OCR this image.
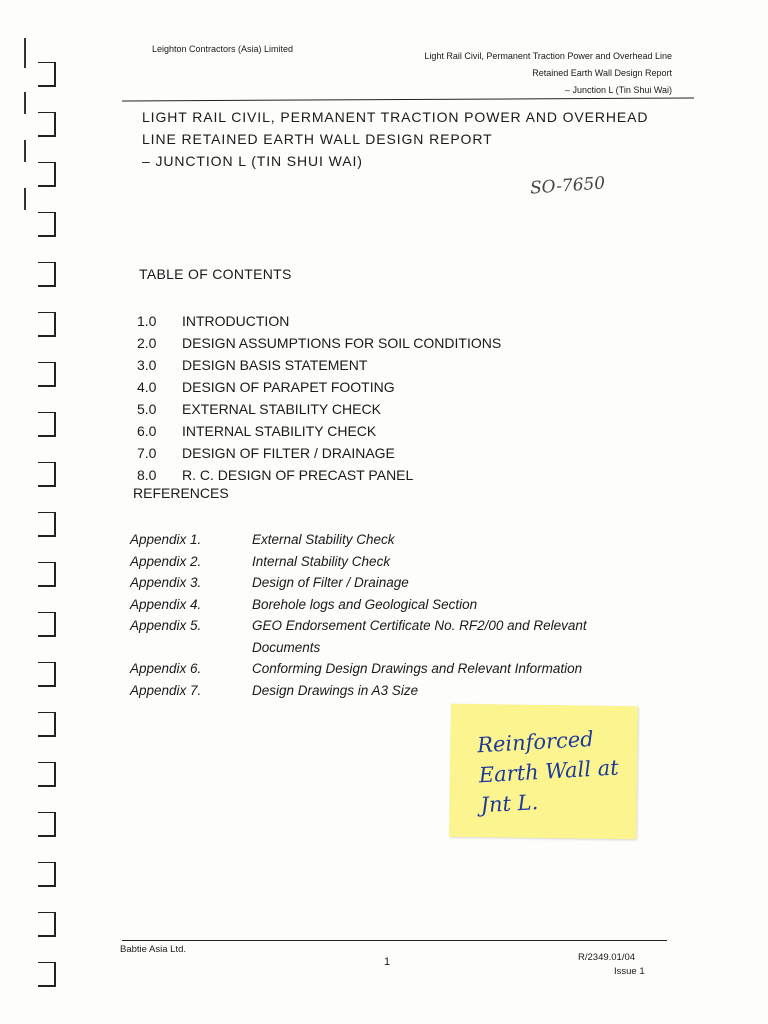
Leighton Contractors (Asia) Limited
Light Rail Civil, Permanent Traction Power and Overhead Line
Retained Earth Wall Design Report
– Junction L (Tin Shui Wai)
LIGHT RAIL CIVIL, PERMANENT TRACTION POWER AND OVERHEAD
LINE RETAINED EARTH WALL DESIGN REPORT
– JUNCTION L (TIN SHUI WAI)
SO-7650
TABLE OF CONTENTS
1.0	INTRODUCTION
2.0	DESIGN ASSUMPTIONS FOR SOIL CONDITIONS
3.0	DESIGN BASIS STATEMENT
4.0	DESIGN OF PARAPET FOOTING
5.0	EXTERNAL STABILITY CHECK
6.0	INTERNAL STABILITY CHECK
7.0	DESIGN OF FILTER / DRAINAGE
8.0	R. C. DESIGN OF PRECAST PANEL
REFERENCES
Appendix 1.	External Stability Check
Appendix 2.	Internal Stability Check
Appendix 3.	Design of Filter / Drainage
Appendix 4.	Borehole logs and Geological Section
Appendix 5.	GEO Endorsement Certificate No. RF2/00 and Relevant Documents
Appendix 6.	Conforming Design Drawings and Relevant Information
Appendix 7.	Design Drawings in A3 Size
Reinforced Earth Wall at Jnt L.
Babtie Asia Ltd.
1	R/2349.01/04
Issue 1
